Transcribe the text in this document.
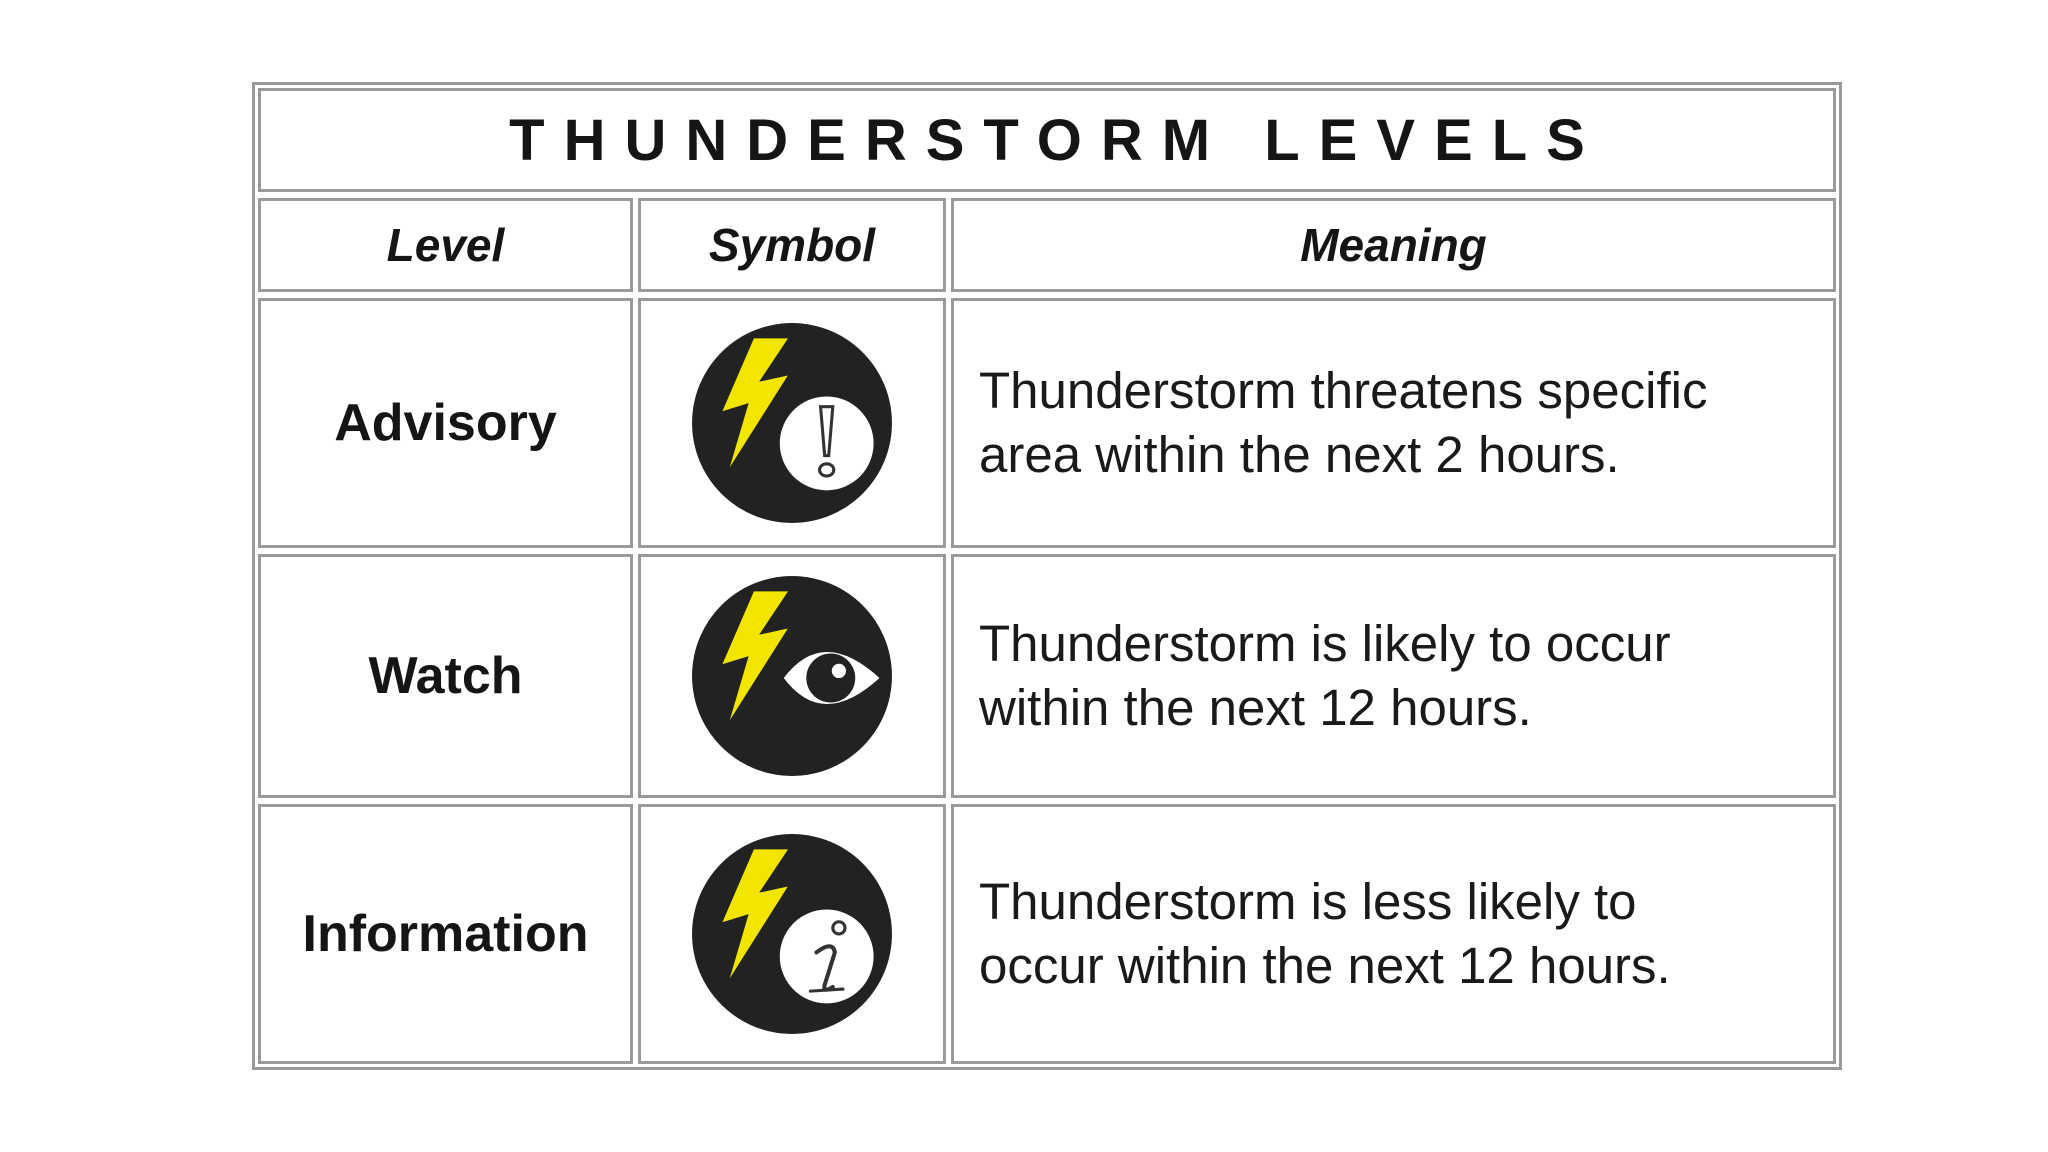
THUNDERSTORM LEVELS
Level	Symbol	Meaning
Advisory
Thunderstorm threatens specific
area within the next 2 hours.
Watch
Thunderstorm is likely to occur
within the next 12 hours.
Information
Thunderstorm is less likely to
occur within the next 12 hours.
